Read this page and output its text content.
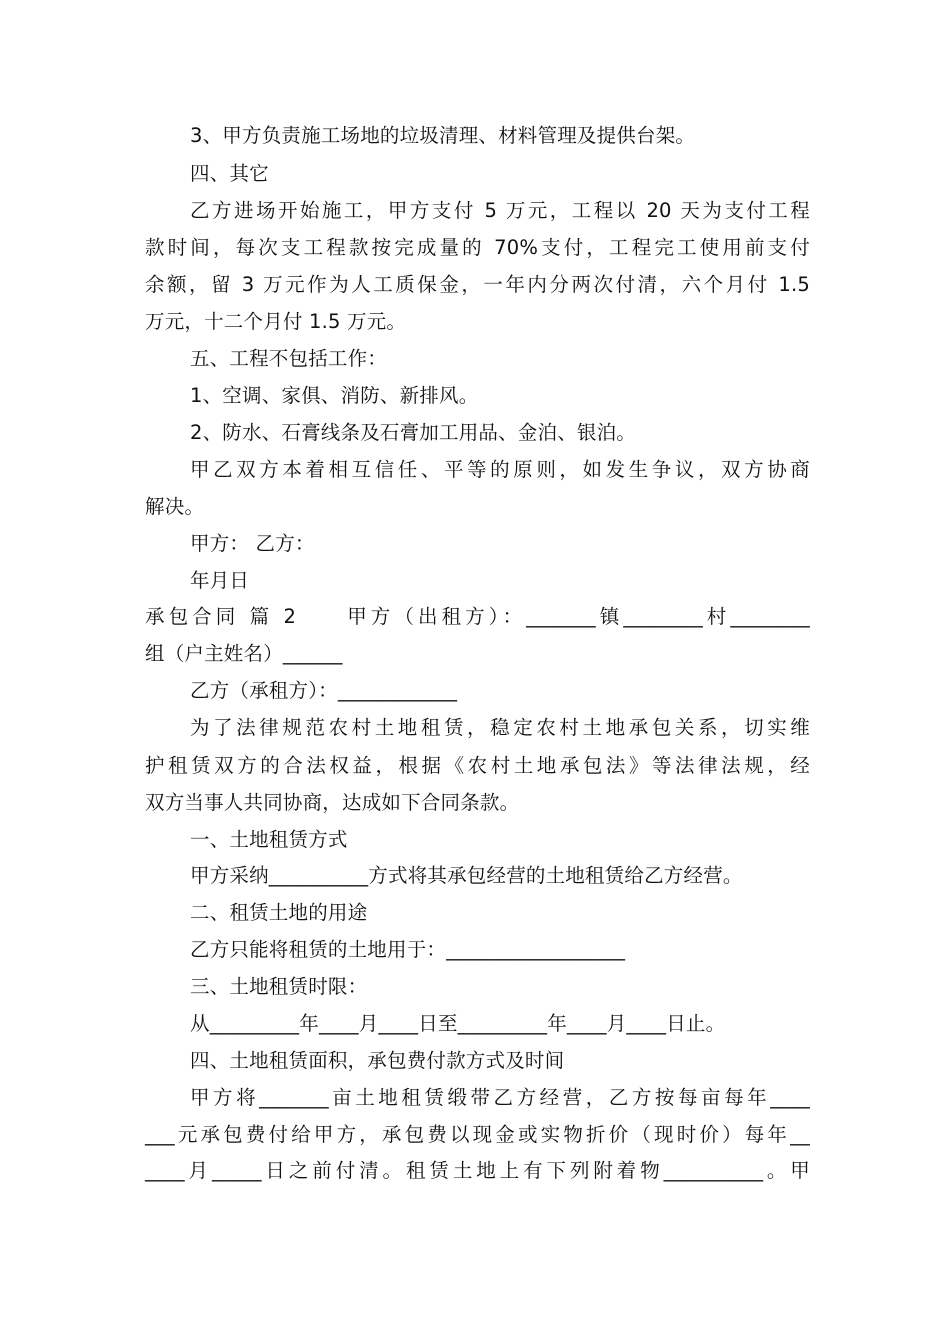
3、甲方负责施工场地的垃圾清理、材料管理及提供台架。
四、其它
乙方进场开始施工，甲方支付 5 万元，工程以 20 天为支付工程
款时间，每次支工程款按完成量的 70%支付，工程完工使用前支付
余额，留 3 万元作为人工质保金，一年内分两次付清，六个月付 1.5
万元，十二个月付 1.5 万元。
五、工程不包括工作：
1、空调、家俱、消防、新排风。
2、防水、石膏线条及石膏加工用品、金泊、银泊。
甲乙双方本着相互信任、平等的原则，如发生争议，双方协商
解决。
甲方： 乙方：
年月日
承包合同 篇 2　　甲方（出租方）：_______镇________村________
组（户主姓名）______
乙方（承租方）：____________
为了法律规范农村土地租赁，稳定农村土地承包关系，切实维
护租赁双方的合法权益，根据《农村土地承包法》等法律法规，经
双方当事人共同协商，达成如下合同条款。
一、土地租赁方式
甲方采纳__________方式将其承包经营的土地租赁给乙方经营。
二、租赁土地的用途
乙方只能将租赁的土地用于：__________________
三、土地租赁时限：
从_________年____月____日至_________年____月____日止。
四、土地租赁面积，承包费付款方式及时间
甲方将_______亩土地租赁缎带乙方经营，乙方按每亩每年____
___元承包费付给甲方，承包费以现金或实物折价（现时价）每年__
____月_____日之前付清。租赁土地上有下列附着物__________。甲
